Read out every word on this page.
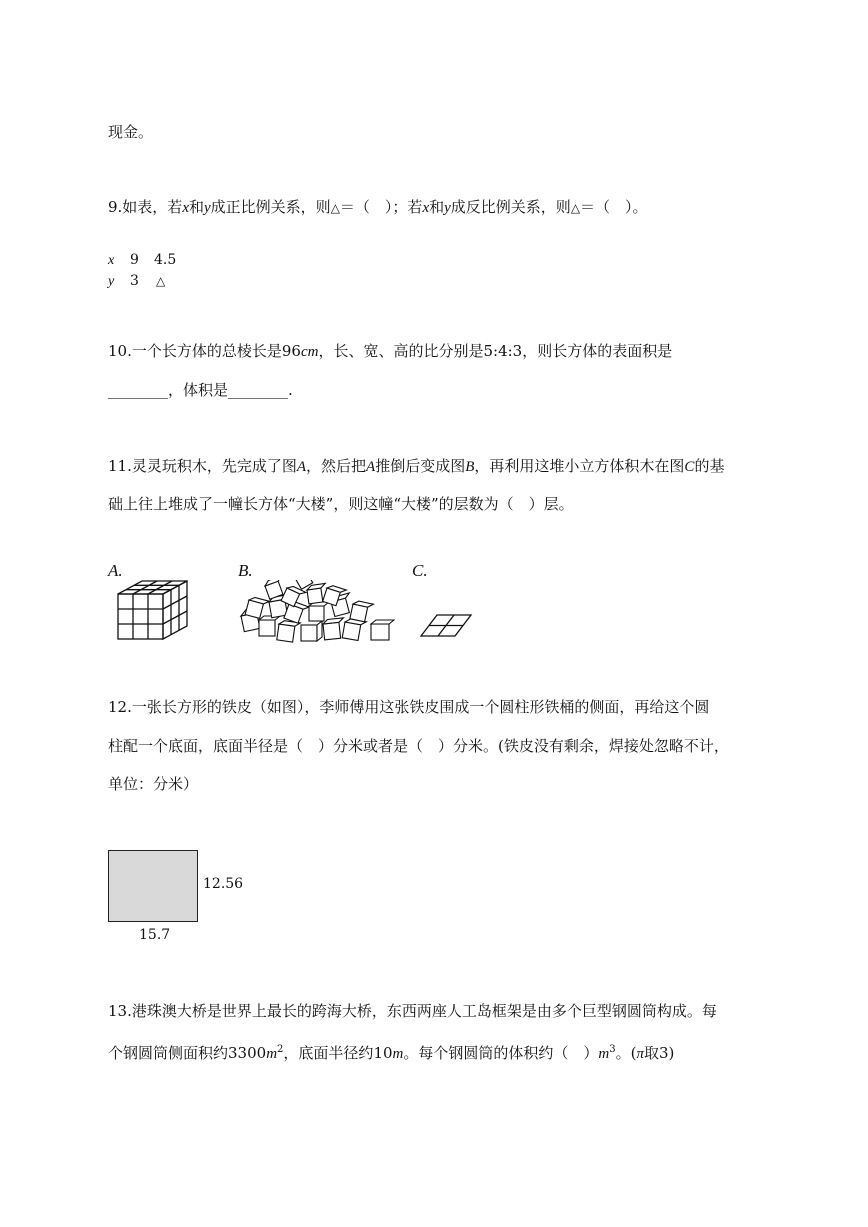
现金。
9.如表，若x和y成正比例关系，则△＝（　）；若x和y成反比例关系，则△＝（　）。
x 9 4.5
y 3 △
10.一个长方体的总棱长是96cm，长、宽、高的比分别是5:4:3，则长方体的表面积是
________，体积是________.
11.灵灵玩积木，先完成了图A，然后把A推倒后变成图B，再利用这堆小立方体积木在图C的基
础上往上堆成了一幢长方体“大楼”，则这幢“大楼”的层数为（　）层。
A.	B.	C.
12.一张长方形的铁皮（如图），李师傅用这张铁皮围成一个圆柱形铁桶的侧面，再给这个圆
柱配一个底面，底面半径是（　）分米或者是（　）分米。(铁皮没有剩余，焊接处忽略不计，
单位：分米）
12.56
15.7
13.港珠澳大桥是世界上最长的跨海大桥，东西两座人工岛框架是由多个巨型钢圆筒构成。每
个钢圆筒侧面积约$3300m^2$，底面半径约10m。每个钢圆筒的体积约（　）$m^3$。(π取3)
